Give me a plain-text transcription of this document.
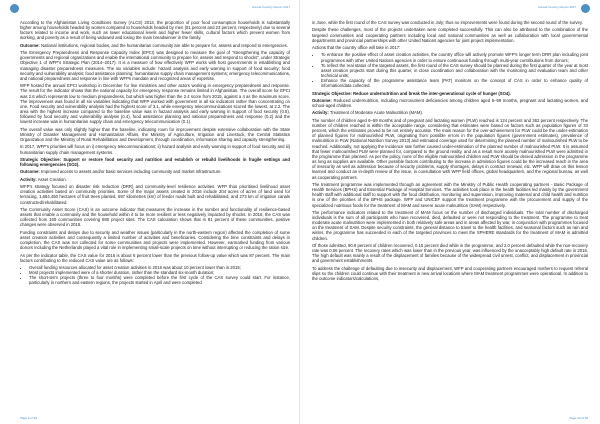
Annual Country Report 2017

According to the Afghanistan Living Conditions Survey (ALCS) 2014, the proportion of poor food consumption households is substantially higher among households headed by women compared to households headed by men (51 percent and 23 percent, respectively) due to several factors related to income and work, such as lower educational levels and higher fewer skills, cultural factors which prevent women from working, and poverty as a result of being widowed and losing the main breadwinner in the family.

Outcome: National institutions, regional bodies, and the humanitarian community are able to prepare for, assess and respond to emergencies.

The Emergency Preparedness and Response Capacity Index (EPCI) was designed to measure the goal of "strengthening the capacity of governments and regional organizations and enable the international community to prepare for, assess and respond to shocks", under Strategic Objective 1 of WFP's Strategic Plan (2014–2017). It is a measure of how effectively WFP works with host governments in establishing and managing disaster preparedness measures. The six variables include: hazard analysis and early warning in support of food security; food security and vulnerability analysis; food assistance planning; humanitarian supply chain management systems; emergency telecommunications, and national preparedness and response in line with WFPs mandate and recognized areas of expertise.

WFP hosted the annual EPCI workshop in December for line ministries and other actors working in emergency preparedness and response. The result for the indicator shows that the national capacity for emergency response remains limited in Afghanistan. The overall score for EPCI was 2.6 which represents low to medium preparedness, but which was higher than the 2.4 score from 2015, against a 4 as the maximum score. The improvement was found in all six variables indicating that WFP worked with government in all six indicators rather than concentrating on one. Food security and vulnerability analysis had the highest score of 3.1, while emergency telecommunications scored the lowest, at 2.2. The area with the highest increase compared to the baseline value was in hazard analysis and early warning in support of food security (0.5), followed by food security and vulnerability analysis (0.4), food assistance planning and national preparedness and response (0.2) and the lowest increase was in humanitarian supply chain and emergency telecommunication (0.1).

The overall value was only slightly higher than the baseline, indicating room for improvement despite extensive collaboration with the State Ministry of Disaster Management and Humanitarian Affairs, the Ministry of Agriculture, Irrigation and Livestock, the Central Statistics Organization and the Ministry of Rural Rehabilitation and Development, through coordination, information sharing and capacity strengthening.

In 2017, WFP's priorities will focus on i) emergency telecommunications; ii) hazard analysis and early warning in support of food security and iii) humanitarian supply chain management systems.

Strategic Objective: Support or restore food security and nutrition and establish or rebuild livelihoods in fragile settings and following emergencies (SO2).

Outcome: Improved access to assets and/or basic services including community and market infrastructure.

Activity: Asset Creation.

WFP's strategy focused on disaster risk reduction (DRR) and community-level resilience activities. WFP thus prioritised livelihood asset creation activities based on community priorities. Some of the major assets created in 2016 include 204 acres of acres of land used for terracing, 1,664,450 hectares of fruit trees planted, 597 kilometres (km) of feeder roads built and rehabilitated, and 273 km of irrigation canals constructed/rehabilitated.

The Community Asset Score (CAS) is an outcome indicator that measures the increase in the number and functionality of resilience-based assets that enable a community and the household within it to be more resilient or less negatively impacted by shocks. In 2016, the CAS was collected from 160 communities covering 680 project sites. The CAS calculation shows that in 81 percent of these communities, positive changes were observed in 2016.

Funding constraints and delays due to security and weather issues (particularly in the north-eastern region) affected the completion of some asset creation activities and consequently a limited number of activities and beneficiaries. Considering the time constraints and delays in completion, the CAS was not collected for some communities and projects were implemented. However, earmarked funding from various donors including the Netherlands played a vital role in implementing small-scale projects on time without interrupting or reducing the ration size.

As per the indicator table, the CAS value for 2016 is about 6 percent lower than the previous follow-up value which was 87 percent. The main factors contributing to the reduced CAS value are as follows:

• Overall funding resources allocated for asset creation activities in 2016 was about 10 percent lower than in 2015;
• Most projects implemented were of a shorter duration, rather than the standard six-month duration;
• The short-term projects (three to four months) were completed before the first cycle of the CAS survey could start. For instance, particularly in northern and eastern regions, the projects started in April and were completed
Page 9 of 30
Annual Country Report 2017

in June, while the first round of the CAS survey was conducted in July; thus no improvements were found during the second round of the survey.

Despite these challenges, most of the projects undertaken were completed successfully. This can also be attributed to the combination of the targeted communities and cooperating partners including local and national communities as well as collaboration with local governmental departments and provincial partnerships with other United Nations agencies for joint project implementation.

Actions that the country office will take in 2017:

• To enhance the positive effect of asset creation activities, the country office will actively promote WFP's longer term DRR plan including joint programmes with other United Nations agencies in order to ensure continuous funding through multi-year contributions from donors;
• To reflect the real status of the targeted assets, the first round of the CAS survey should be planned during the first quarter of the year at most asset creation projects start during this quarter, in close coordination and collaboration with the monitoring and evaluation team and other technical units;
• Enhance the capacity of the programme assistance team (PAT) monitors on the concept of CAS in order to enhance quality of information/data collected.

Strategic Objective: Reduce undernutrition and break the inter-generational cycle of hunger (SO4).

Outcome: Reduced undernutrition, including micronutrient deficiencies among children aged 6–59 months, pregnant and lactating women, and school-aged children.

Activity: Treatment of Moderate Acute Malnutrition (MAM).

The number of children aged 6–59 months and of pregnant and lactating women (PLW) reached is 124 percent and 362 percent respectively. The number of children reached is within the acceptable range, considering that estimates were based on factors such as population figures of 33 percent, which the estimates proved to be not entirely accurate. The main reason for the over-achievement for PLW could be the under-estimation of planned figures for malnourished PLW, originating from possible errors in the population figures (government estimates), prevalence of malnutrition in PLW (National Nutrition Survey 2013) and estimated coverage used for determining the planned number of malnourished PLW to be reached. Additionally, not applying the incidence rate further caused under-estimation of the planned number of malnourished PLW. It is assumed that fewer malnourished PLW were planned for, compared to the ground reality, and as a result more acutely malnourished PLW were admitted in the programme than planned. As per the policy, none of the eligible malnourished children and PLW should be denied admission in the programme as long as supplies are available. Other possible factors contributing to the increase in admission figures could be the increased reach in the area of insecurity as well as admission because of security problems, supply shortages, delays in contract renewal, etc. WFP will draw on this lesson learned and conduct an in-depth review of the issue, in consultation with WFP field offices, global headquarters, and the regional bureau, as well as cooperating partners.

The treatment programme was implemented through an agreement with the Ministry of Public Health cooperating partners - Basic Package of Health Services (BPHS) and Essential Package of Hospital Services. The activities took place in the health facilities led mainly by the government health staff with additional staff to support with the food distribution, monitoring and supervision, improving maternal and child health and nutrition is one of the priorities of the BPHS package. WFP and UNICEF support the treatment programme with the procurement and supply of the specialized nutritious foods for the treatment of MAM and severe acute malnutrition (SAM) respectively.

The performance indicators related to the treatment of MAM focus on the number of discharged individuals. The total number of discharged individuals is the sum of all participants who have recovered, died, defaulted or were not responding to the treatment. The programme to treat moderate acute malnutrition were implemented in both relatively safe areas and in areas affected by war, in conjunction with programmes focused on the treatment of SAM. Despite security constraints, the general distance to travel to the health facilities, and seasonal factors such as rain and winter, the programme has succeeded in each of the targeted provinces to meet the SPHERE standards for the treatment of MAM in admitted children.

Of those admitted, 90.9 percent of children recovered, 0.15 percent died while in the programme, and 2.0 percent defaulted while the non-recovery rate was 0.06 percent. The recovery rates which was lower than in the previous year, was influenced by the unacceptably high default rate in 2016. The high default was mainly a result of the displacement of families because of the widespread civil unrest, conflict, and displacement in provincial and government establishments.

To address the challenge of defaulting due to insecurity and displacement, WFP and cooperating partners encouraged mothers to request referral slips so the children could continue with their treatment in new arrival locations where MAM treatment programmes were operational. In addition to the outcome indicators/calculations,

Page 10 of 30
